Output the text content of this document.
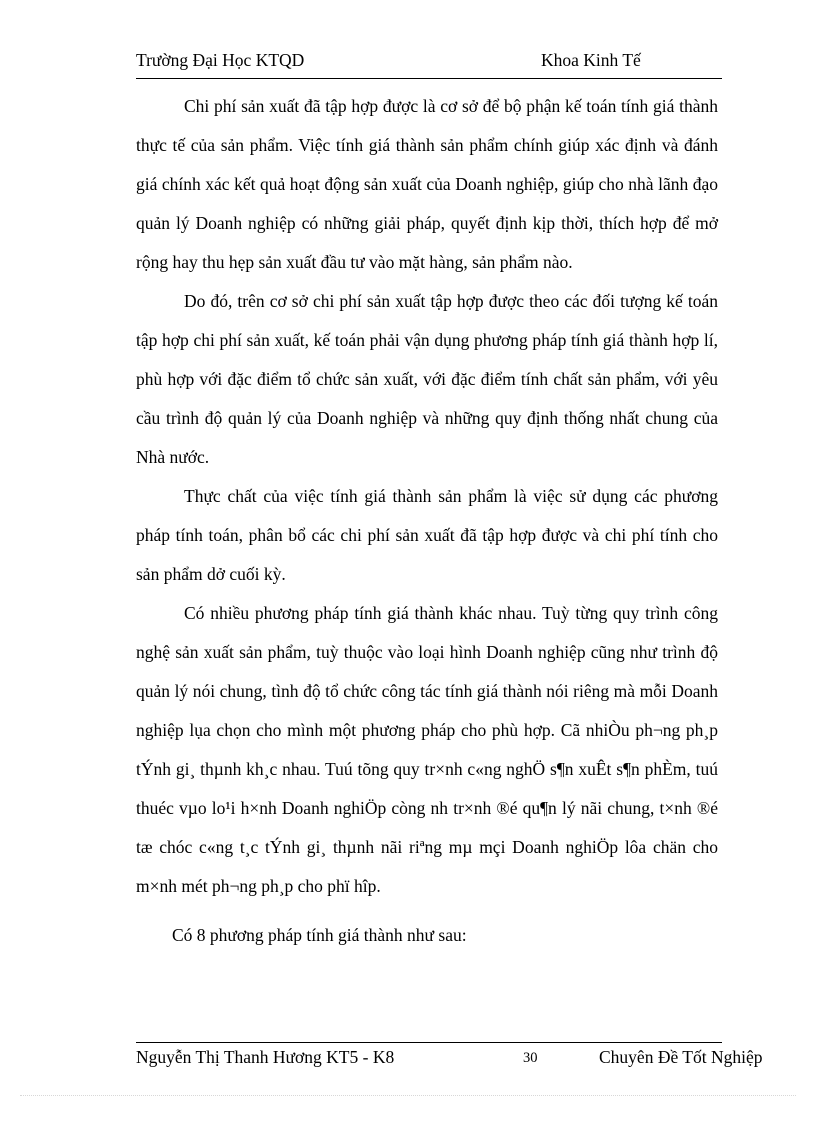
Trường Đại Học KTQD	Khoa Kinh Tế

Chi phí sản xuất đã tập hợp được là cơ sở để bộ phận kế toán tính giá thành thực tế của sản phẩm. Việc tính giá thành sản phẩm chính giúp xác định và đánh giá chính xác kết quả hoạt động sản xuất của Doanh nghiệp, giúp cho nhà lãnh đạo quản lý Doanh nghiệp có những giải pháp, quyết định kịp thời, thích hợp để mở rộng hay thu hẹp sản xuất đầu tư vào mặt hàng, sản phẩm nào.

Do đó, trên cơ sở chi phí sản xuất tập hợp được theo các đối tượng kế toán tập hợp chi phí sản xuất, kế toán phải vận dụng phương pháp tính giá thành hợp lí, phù hợp với đặc điểm tổ chức sản xuất, với đặc điểm tính chất sản phẩm, với yêu cầu trình độ quản lý của Doanh nghiệp và những quy định thống nhất chung của Nhà nước.

Thực chất của việc tính giá thành sản phẩm là việc sử dụng các phương pháp tính toán, phân bổ các chi phí sản xuất đã tập hợp được và chi phí tính cho sản phẩm dở cuối kỳ.

Có nhiều phương pháp tính giá thành khác nhau. Tuỳ từng quy trình công nghệ sản xuất sản phẩm, tuỳ thuộc vào loại hình Doanh nghiệp cũng như trình độ quản lý nói chung, tình độ tổ chức công tác tính giá thành nói riêng mà mỗi Doanh nghiệp lụa chọn cho mình một phương pháp cho phù hợp. Cã nhiÒu ph¬ng ph¸p tÝnh gi¸ thµnh kh¸c nhau. Tuú tõng quy tr×nh c«ng nghÖ s¶n xuÊt s¶n phÈm, tuú thuéc vµo lo¹i h×nh Doanh nghiÖp còng nh tr×nh ®é qu¶n lý nãi chung, t×nh ®é tæ chóc c«ng t¸c tÝnh gi¸ thµnh nãi riªng mµ mçi Doanh nghiÖp lôa chän cho m×nh mét ph¬ng ph¸p cho phï hîp.

Có 8 phương pháp tính giá thành như sau:

Nguyễn Thị Thanh Hương KT5 - K8	30	Chuyên Đề Tốt Nghiệp
